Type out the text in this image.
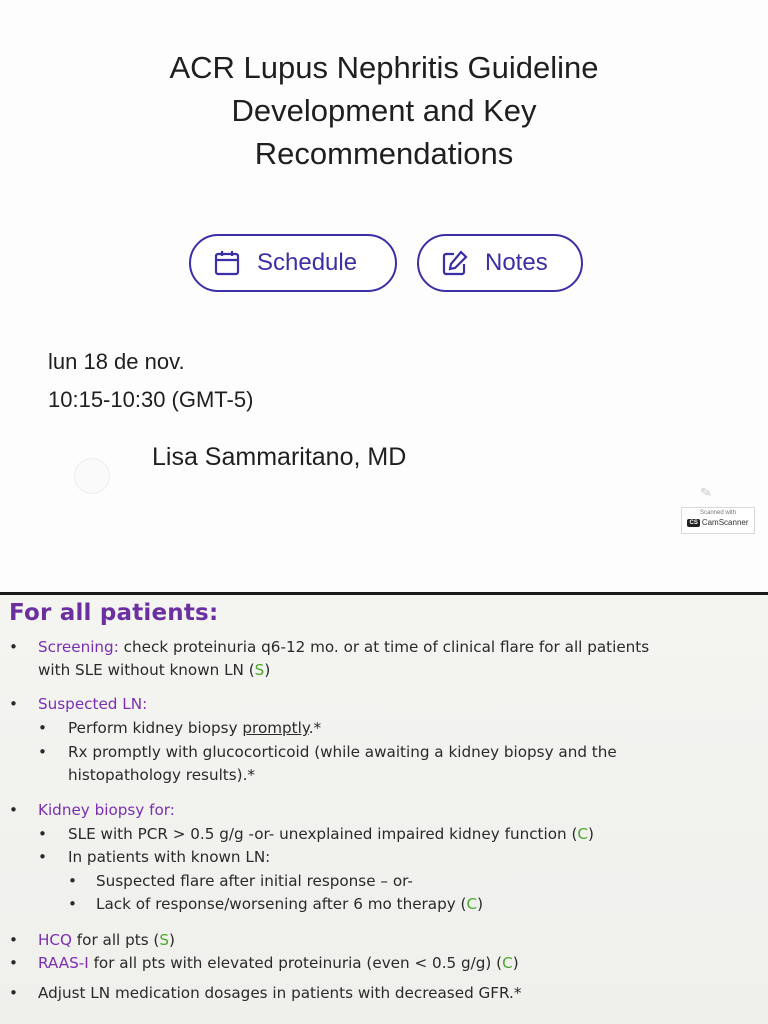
ACR Lupus Nephritis Guideline
Development and Key
Recommendations
Schedule	Notes
lun 18 de nov.
10:15-10:30 (GMT-5)
Lisa Sammaritano, MD
✏
Scanned with
CS CamScanner
For all patients:
• Screening: check proteinuria q6-12 mo. or at time of clinical flare for all patients
with SLE without known LN (S)
• Suspected LN:
• Perform kidney biopsy promptly.*
• Rx promptly with glucocorticoid (while awaiting a kidney biopsy and the
histopathology results).*
• Kidney biopsy for:
• SLE with PCR > 0.5 g/g -or- unexplained impaired kidney function (C)
• In patients with known LN:
• Suspected flare after initial response – or-
• Lack of response/worsening after 6 mo therapy (C)
• HCQ for all pts (S)
• RAAS-I for all pts with elevated proteinuria (even < 0.5 g/g) (C)
• Adjust LN medication dosages in patients with decreased GFR.*
